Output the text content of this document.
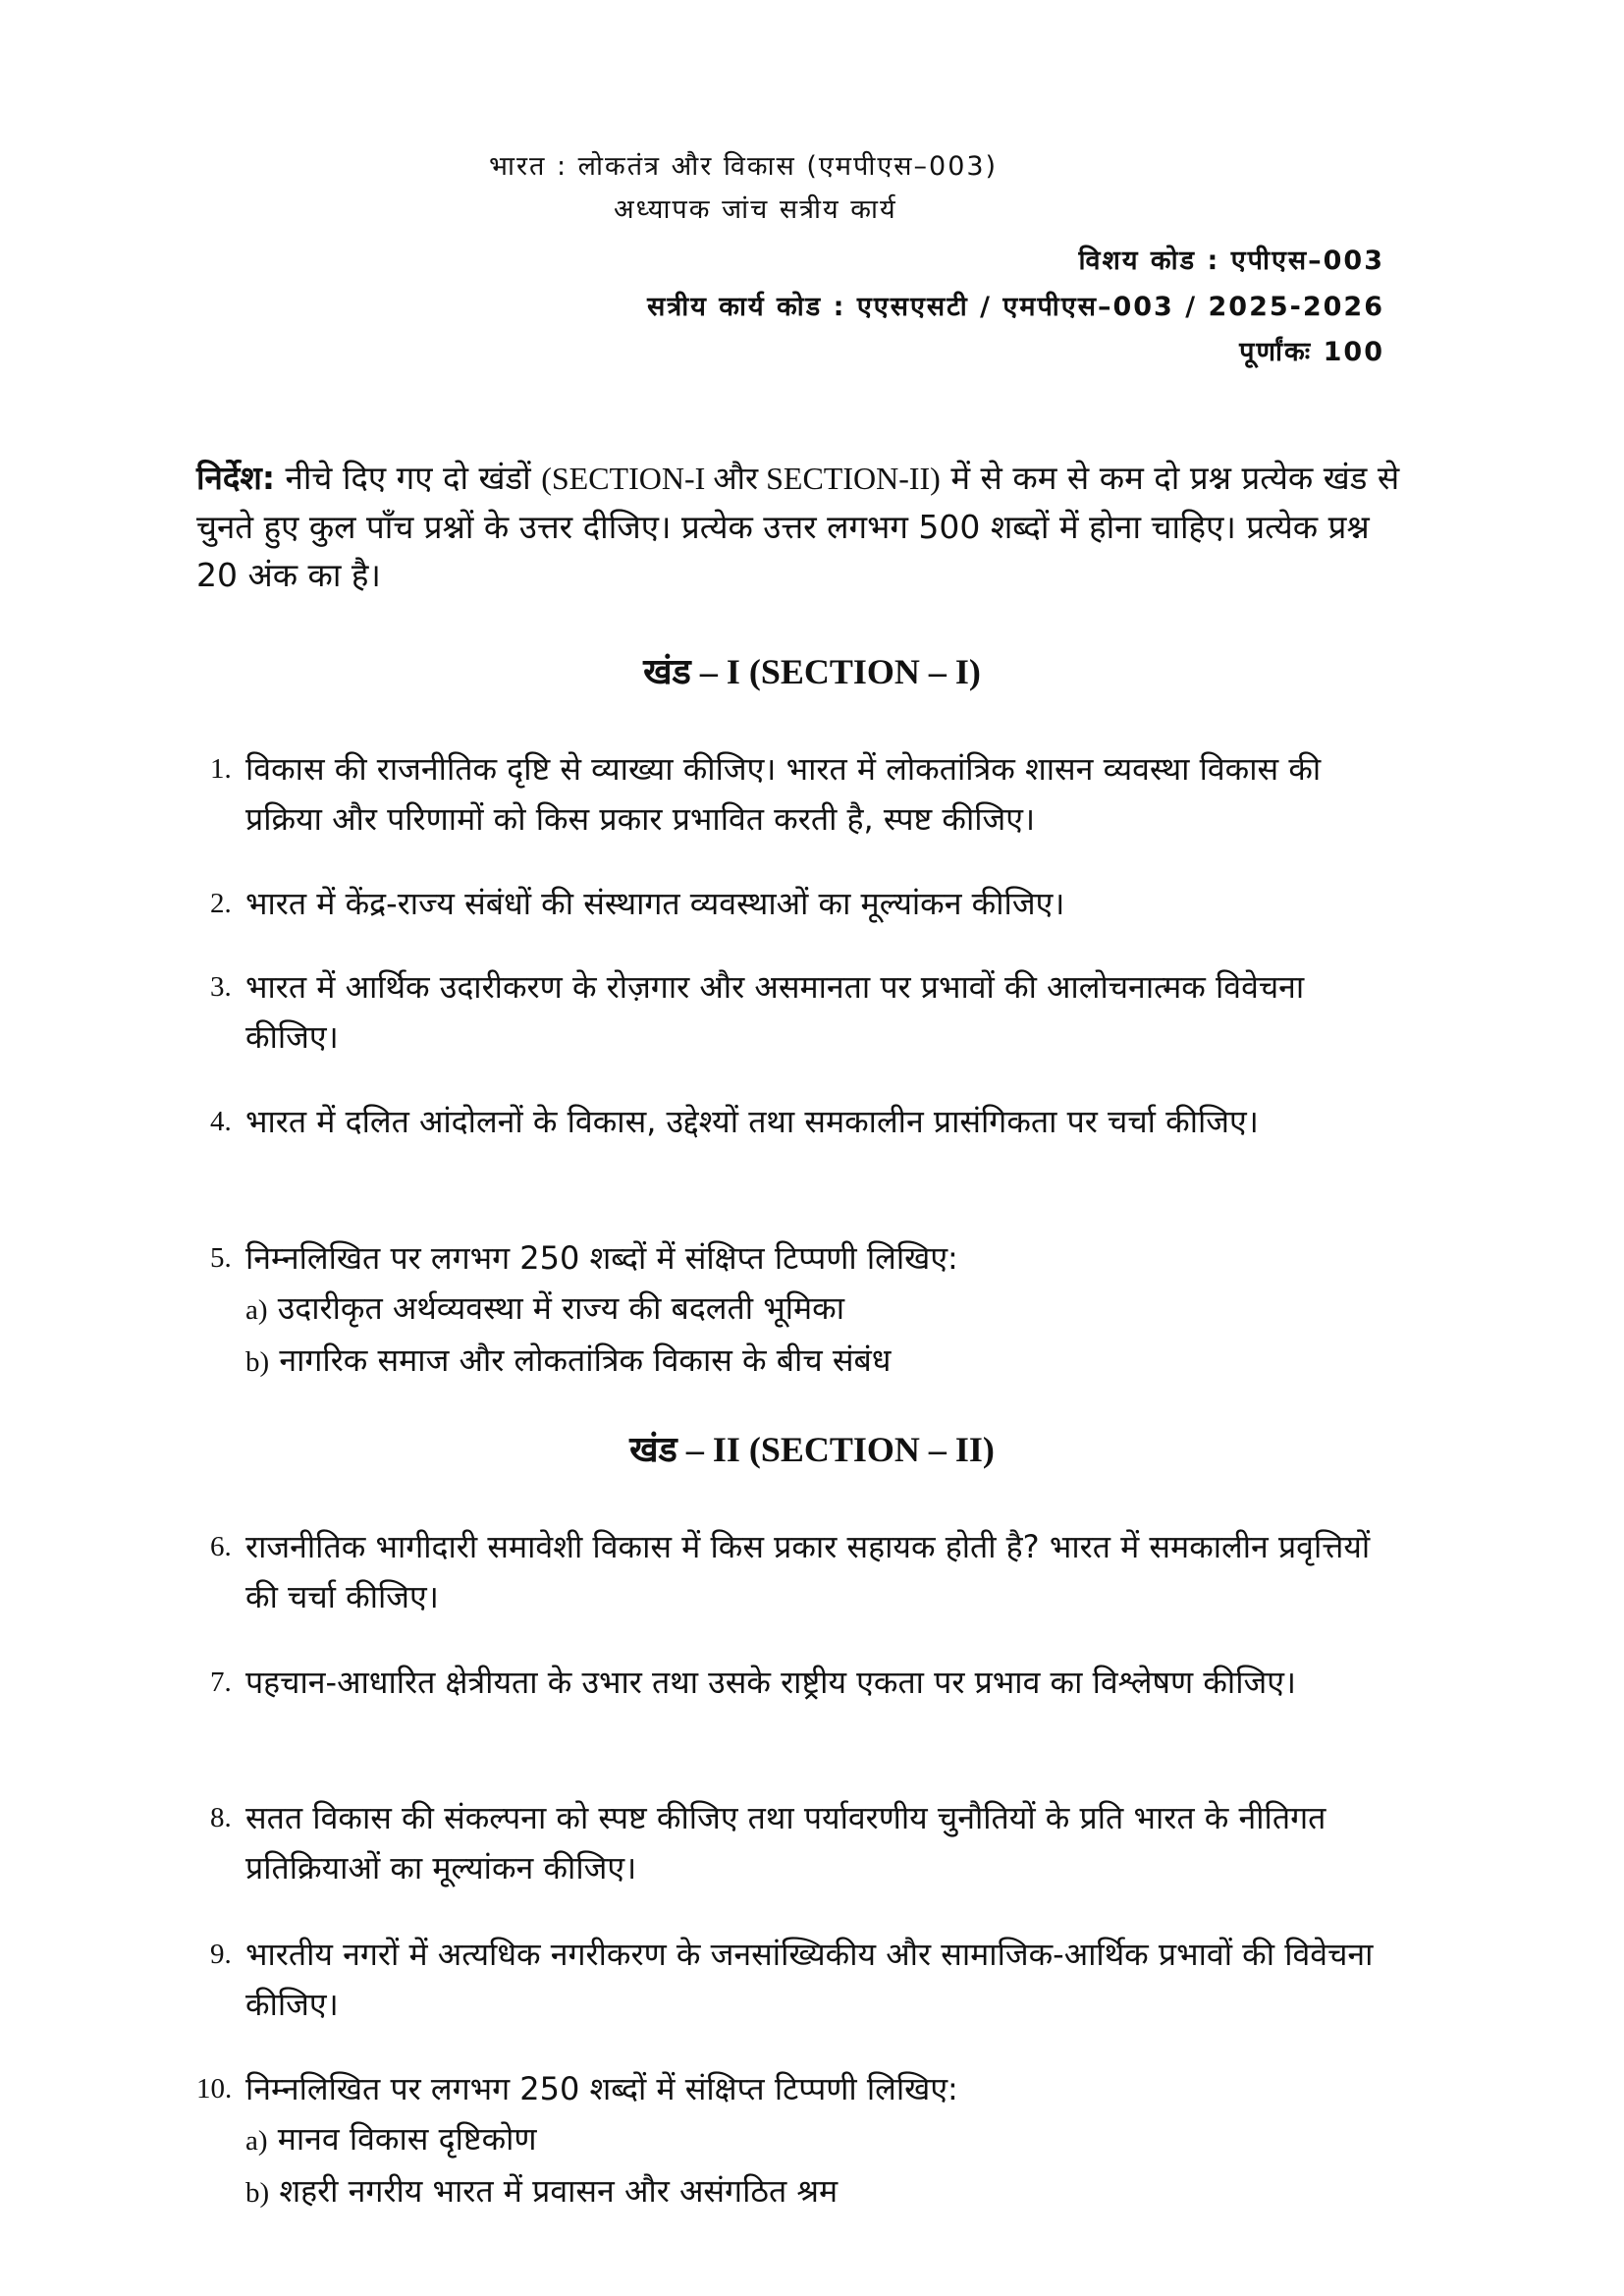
भारत : लोकतंत्र और विकास (एमपीएस–003)
अध्यापक जांच सत्रीय कार्य
विशय कोड : एपीएस–003
सत्रीय कार्य कोड : एएसएसटी / एमपीएस–003 / 2025-2026
पूर्णांकः 100
निर्देश: नीचे दिए गए दो खंडों (SECTION-I और SECTION-II) में से कम से कम दो प्रश्न प्रत्येक खंड से चुनते हुए कुल पाँच प्रश्नों के उत्तर दीजिए। प्रत्येक उत्तर लगभग 500 शब्दों में होना चाहिए। प्रत्येक प्रश्न 20 अंक का है।
खंड – I (SECTION – I)
1. विकास की राजनीतिक दृष्टि से व्याख्या कीजिए। भारत में लोकतांत्रिक शासन व्यवस्था विकास की प्रक्रिया और परिणामों को किस प्रकार प्रभावित करती है, स्पष्ट कीजिए।
2. भारत में केंद्र-राज्य संबंधों की संस्थागत व्यवस्थाओं का मूल्यांकन कीजिए।
3. भारत में आर्थिक उदारीकरण के रोज़गार और असमानता पर प्रभावों की आलोचनात्मक विवेचना कीजिए।
4. भारत में दलित आंदोलनों के विकास, उद्देश्यों तथा समकालीन प्रासंगिकता पर चर्चा कीजिए।
5. निम्नलिखित पर लगभग 250 शब्दों में संक्षिप्त टिप्पणी लिखिए:
a) उदारीकृत अर्थव्यवस्था में राज्य की बदलती भूमिका
b) नागरिक समाज और लोकतांत्रिक विकास के बीच संबंध
खंड – II (SECTION – II)
6. राजनीतिक भागीदारी समावेशी विकास में किस प्रकार सहायक होती है? भारत में समकालीन प्रवृत्तियों की चर्चा कीजिए।
7. पहचान-आधारित क्षेत्रीयता के उभार तथा उसके राष्ट्रीय एकता पर प्रभाव का विश्लेषण कीजिए।
8. सतत विकास की संकल्पना को स्पष्ट कीजिए तथा पर्यावरणीय चुनौतियों के प्रति भारत के नीतिगत प्रतिक्रियाओं का मूल्यांकन कीजिए।
9. भारतीय नगरों में अत्यधिक नगरीकरण के जनसांख्यिकीय और सामाजिक-आर्थिक प्रभावों की विवेचना कीजिए।
10. निम्नलिखित पर लगभग 250 शब्दों में संक्षिप्त टिप्पणी लिखिए:
a) मानव विकास दृष्टिकोण
b) शहरी नगरीय भारत में प्रवासन और असंगठित श्रम
